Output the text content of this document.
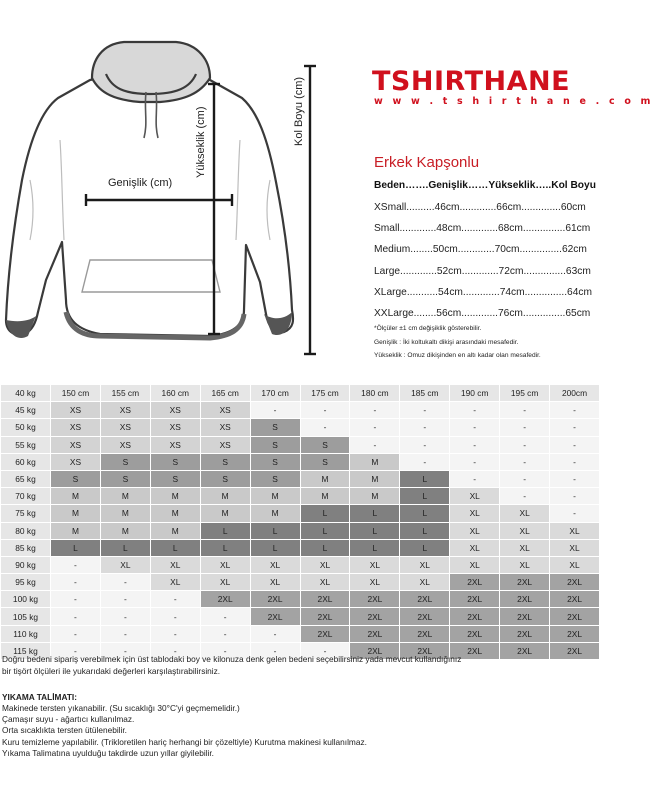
Genişlik (cm)
Yükseklik (cm)	Kol Boyu (cm) TSHIRTHANE
w w w . t s h i r t h a n e . c o m
Erkek Kapşonlu
Beden…….Genişlik……Yükseklik…..Kol Boyu
XSmall..........46cm.............66cm..............60cm
Small.............48cm.............68cm...............61cm
Medium........50cm.............70cm...............62cm
Large.............52cm.............72cm...............63cm
XLarge...........54cm.............74cm...............64cm
XXLarge........56cm.............76cm...............65cm
*Ölçüler ±1 cm değişiklik gösterebilir.
Genişlik : İki koltukaltı dikişi arasındaki mesafedir.
Yükseklik : Omuz dikişinden en altı kadar olan mesafedir.
40 kg	150 cm	155 cm	160 cm	165 cm	170 cm	175 cm	180 cm	185 cm	190 cm	195 cm	200cm
45 kg	XS	XS	XS	XS	-	-	-	-	-	-	-
50 kg	XS	XS	XS	XS	S	-	-	-	-	-	-
55 kg	XS	XS	XS	XS	S	S	-	-	-	-	-
60 kg	XS	S	S	S	S	S	M	-	-	-	-
65 kg	S	S	S	S	S	M	M	L	-	-	-
70 kg	M	M	M	M	M	M	M	L	XL	-	-
75 kg	M	M	M	M	M	L	L	L	XL	XL	-
80 kg	M	M	M	L	L	L	L	L	XL	XL	XL
85 kg	L	L	L	L	L	L	L	L	XL	XL	XL
90 kg	-	XL	XL	XL	XL	XL	XL	XL	XL	XL	XL
95 kg	-	-	XL	XL	XL	XL	XL	XL	2XL	2XL	2XL
100 kg	-	-	-	2XL	2XL	2XL	2XL	2XL	2XL	2XL	2XL
105 kg	-	-	-	-	2XL	2XL	2XL	2XL	2XL	2XL	2XL
110 kg	-	-	-	-	-	2XL	2XL	2XL	2XL	2XL	2XL
115 kg	-	-	-	-	-	-	2XL	2XL	2XL	2XL	2XL
Doğru bedeni sipariş verebilmek için üst tablodaki boy ve kilonuza denk gelen bedeni seçebilirsiniz yada mevcut kullandığınız
bir tişört ölçüleri ile yukarıdaki değerleri karşılaştırabilirsiniz.
YIKAMA TALİMATI:
Makinede tersten yıkanabilir. (Su sıcaklığı 30°C'yi geçmemelidir.)
Çamaşır suyu - ağartıcı kullanılmaz.
Orta sıcaklıkta tersten ütülenebilir.
Kuru temizleme yapılabilir. (Trikloretilen hariç herhangi bir çözeltiyle) Kurutma makinesi kullanılmaz.
Yıkama Talimatına uyulduğu takdirde uzun yıllar giyilebilir.
